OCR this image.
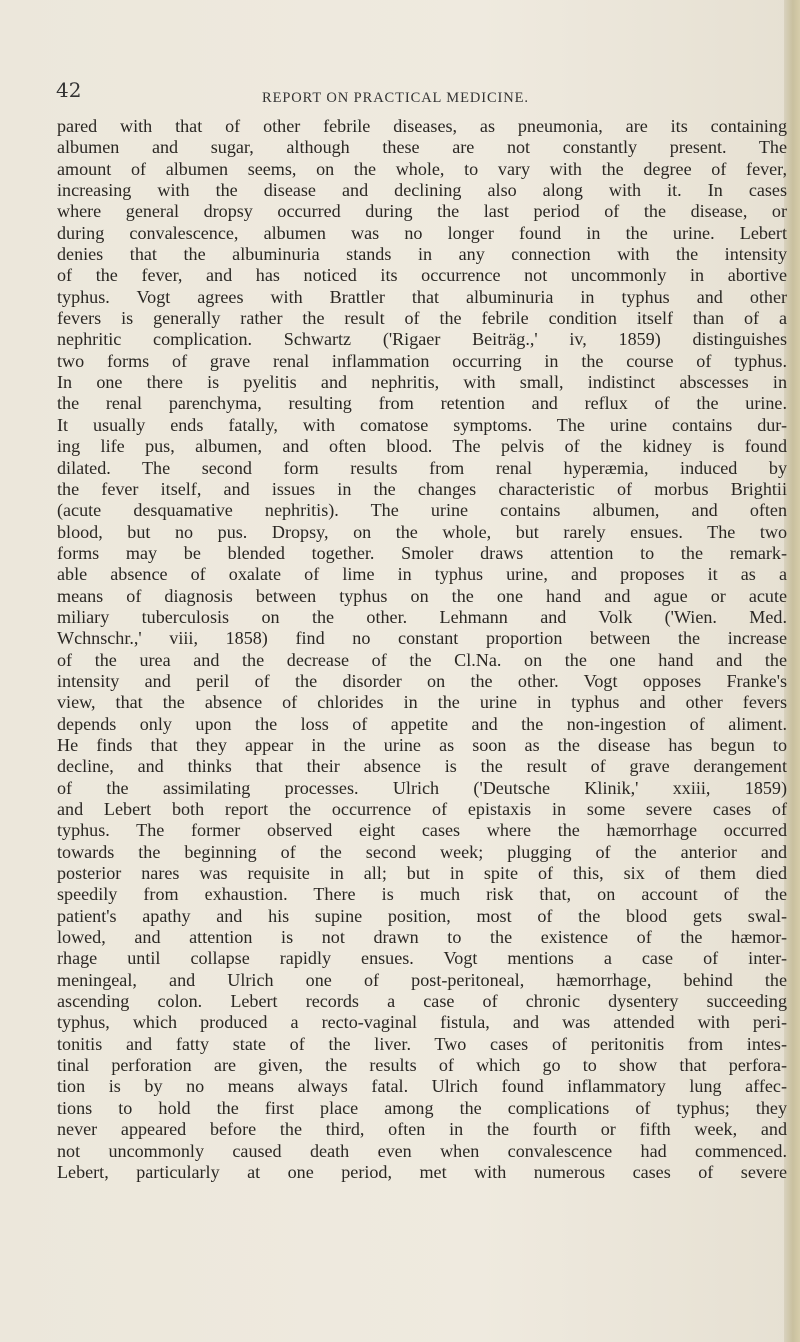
42	REPORT ON PRACTICAL MEDICINE.
pared with that of other febrile diseases, as pneumonia, are its containing
albumen and sugar, although these are not constantly present. The
amount of albumen seems, on the whole, to vary with the degree of fever,
increasing with the disease and declining also along with it. In cases
where general dropsy occurred during the last period of the disease, or
during convalescence, albumen was no longer found in the urine. Lebert
denies that the albuminuria stands in any connection with the intensity
of the fever, and has noticed its occurrence not uncommonly in abortive
typhus. Vogt agrees with Brattler that albuminuria in typhus and other
fevers is generally rather the result of the febrile condition itself than of a
nephritic complication. Schwartz ('Rigaer Beiträg.,' iv, 1859) distinguishes
two forms of grave renal inflammation occurring in the course of typhus.
In one there is pyelitis and nephritis, with small, indistinct abscesses in
the renal parenchyma, resulting from retention and reflux of the urine.
It usually ends fatally, with comatose symptoms. The urine contains dur-
ing life pus, albumen, and often blood. The pelvis of the kidney is found
dilated. The second form results from renal hyperæmia, induced by
the fever itself, and issues in the changes characteristic of morbus Brightii
(acute desquamative nephritis). The urine contains albumen, and often
blood, but no pus. Dropsy, on the whole, but rarely ensues. The two
forms may be blended together. Smoler draws attention to the remark-
able absence of oxalate of lime in typhus urine, and proposes it as a
means of diagnosis between typhus on the one hand and ague or acute
miliary tuberculosis on the other. Lehmann and Volk ('Wien. Med.
Wchnschr.,' viii, 1858) find no constant proportion between the increase
of the urea and the decrease of the Cl.Na. on the one hand and the
intensity and peril of the disorder on the other. Vogt opposes Franke's
view, that the absence of chlorides in the urine in typhus and other fevers
depends only upon the loss of appetite and the non-ingestion of aliment.
He finds that they appear in the urine as soon as the disease has begun to
decline, and thinks that their absence is the result of grave derangement
of the assimilating processes. Ulrich ('Deutsche Klinik,' xxiii, 1859)
and Lebert both report the occurrence of epistaxis in some severe cases of
typhus. The former observed eight cases where the hæmorrhage occurred
towards the beginning of the second week; plugging of the anterior and
posterior nares was requisite in all; but in spite of this, six of them died
speedily from exhaustion. There is much risk that, on account of the
patient's apathy and his supine position, most of the blood gets swal-
lowed, and attention is not drawn to the existence of the hæmor-
rhage until collapse rapidly ensues. Vogt mentions a case of inter-
meningeal, and Ulrich one of post-peritoneal, hæmorrhage, behind the
ascending colon. Lebert records a case of chronic dysentery succeeding
typhus, which produced a recto-vaginal fistula, and was attended with peri-
tonitis and fatty state of the liver. Two cases of peritonitis from intes-
tinal perforation are given, the results of which go to show that perfora-
tion is by no means always fatal. Ulrich found inflammatory lung affec-
tions to hold the first place among the complications of typhus; they
never appeared before the third, often in the fourth or fifth week, and
not uncommonly caused death even when convalescence had commenced.
Lebert, particularly at one period, met with numerous cases of severe
